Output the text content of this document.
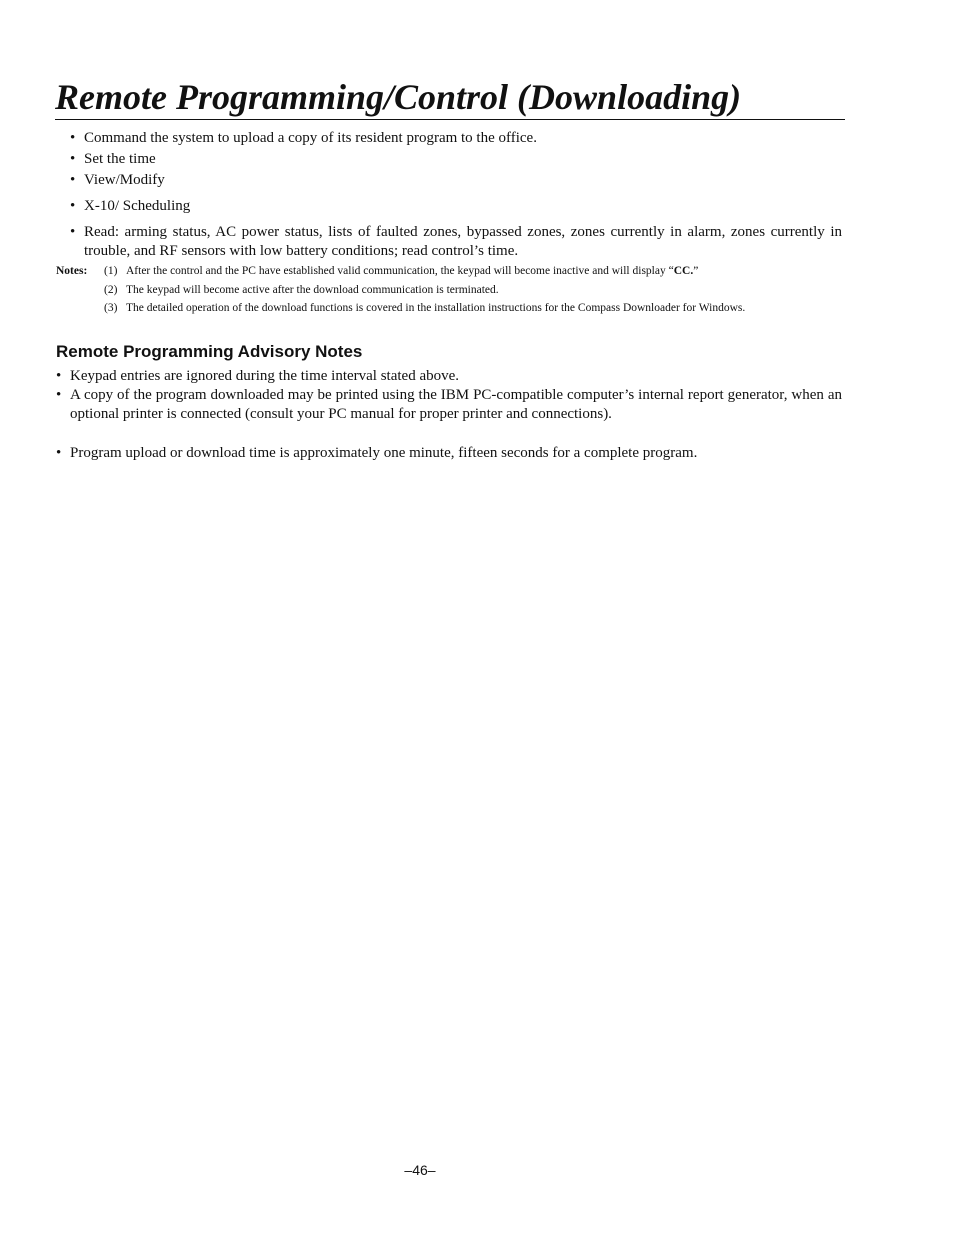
Remote Programming/Control (Downloading)
• Command the system to upload a copy of its resident program to the office.
• Set the time
• View/Modify
• X-10/ Scheduling
• Read: arming status, AC power status, lists of faulted zones, bypassed zones, zones currently in alarm, zones currently in trouble, and RF sensors with low battery conditions; read control’s time.
Notes: (1) After the control and the PC have established valid communication, the keypad will become inactive and will display “CC.”
(2) The keypad will become active after the download communication is terminated.
(3) The detailed operation of the download functions is covered in the installation instructions for the Compass Downloader for Windows.
Remote Programming Advisory Notes
• Keypad entries are ignored during the time interval stated above.
• A copy of the program downloaded may be printed using the IBM PC-compatible computer’s internal report generator, when an optional printer is connected (consult your PC manual for proper printer and connections).
• Program upload or download time is approximately one minute, fifteen seconds for a complete program.
–46–
